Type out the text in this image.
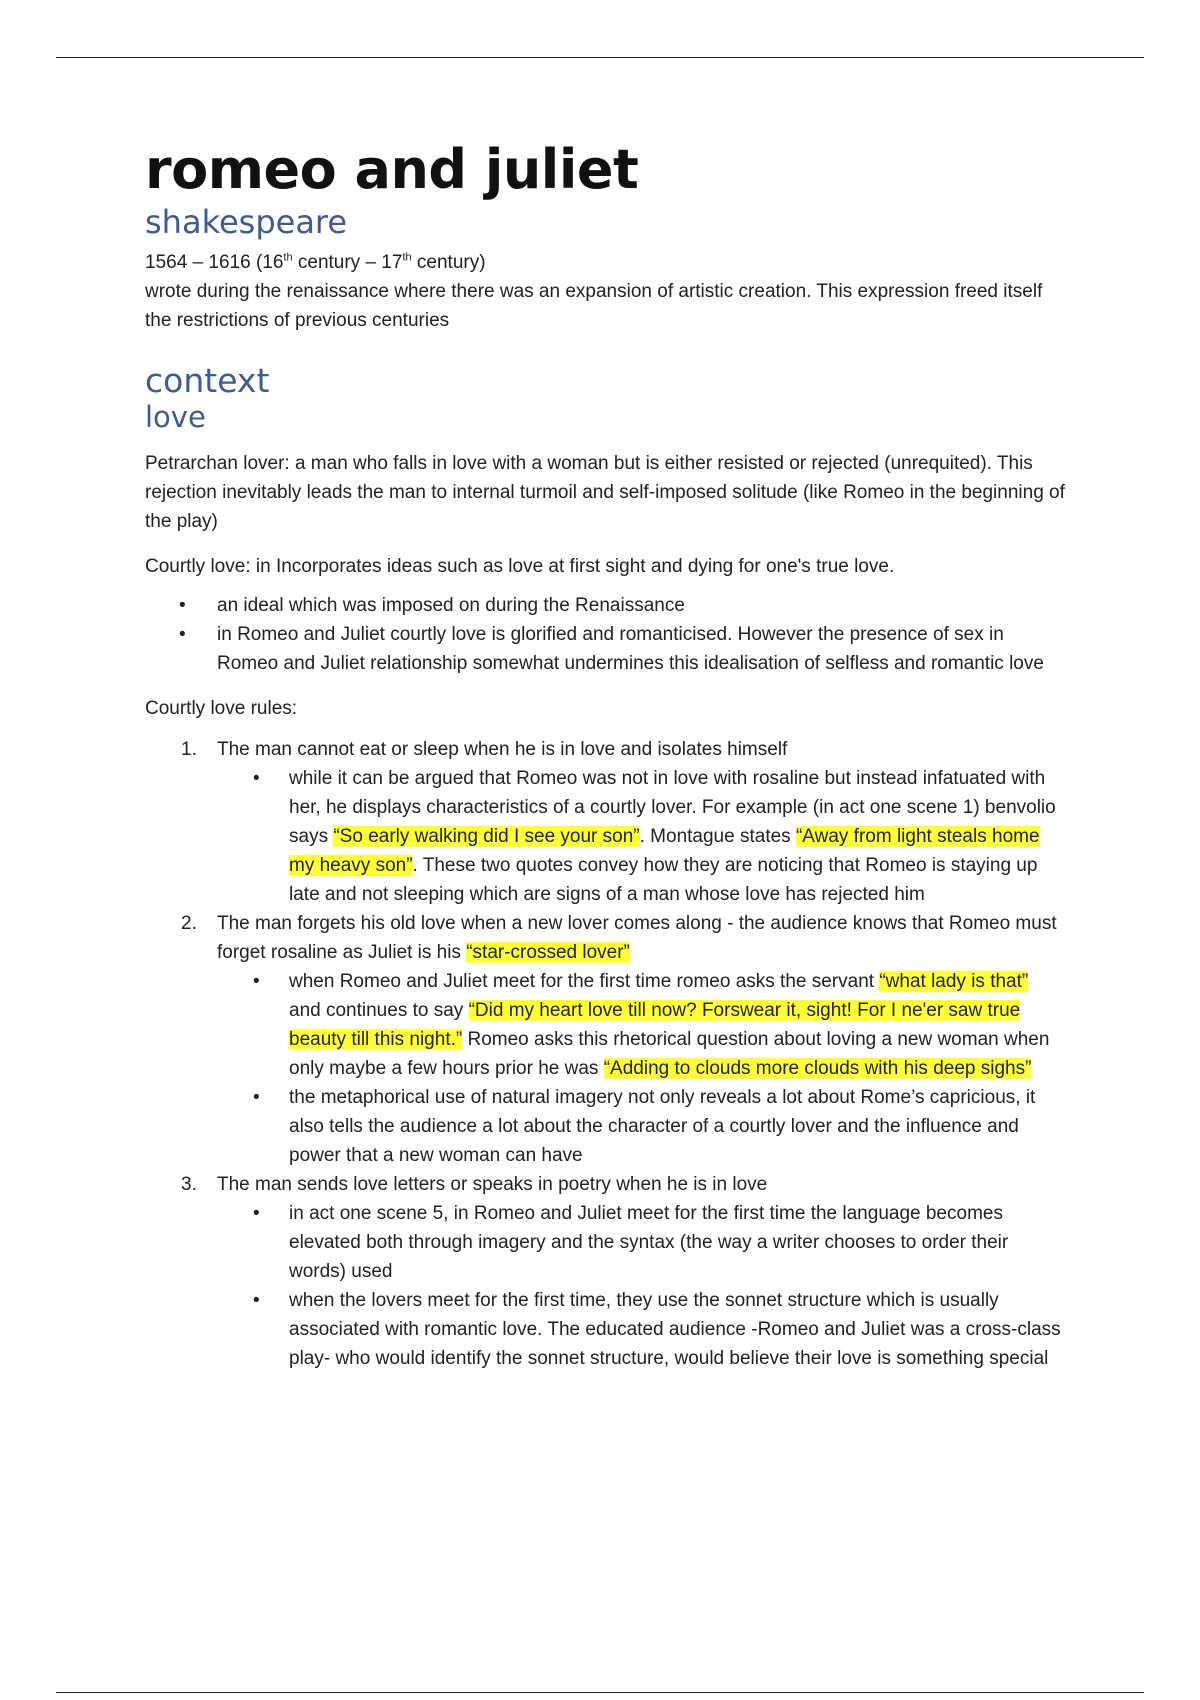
romeo and juliet
shakespeare

1564 – 1616 (16th century – 17th century)

wrote during the renaissance where there was an expansion of artistic creation. This expression freed itself the restrictions of previous centuries

context
love

Petrarchan lover: a man who falls in love with a woman but is either resisted or rejected (unrequited). This rejection inevitably leads the man to internal turmoil and self-imposed solitude (like Romeo in the beginning of the play)

Courtly love: in Incorporates ideas such as love at first sight and dying for one's true love.

• an ideal which was imposed on during the Renaissance
• in Romeo and Juliet courtly love is glorified and romanticised. However the presence of sex in Romeo and Juliet relationship somewhat undermines this idealisation of selfless and romantic love

Courtly love rules:

1. The man cannot eat or sleep when he is in love and isolates himself
• while it can be argued that Romeo was not in love with rosaline but instead infatuated with her, he displays characteristics of a courtly lover. For example (in act one scene 1) benvolio says “So early walking did I see your son”. Montague states “Away from light steals home my heavy son”. These two quotes convey how they are noticing that Romeo is staying up late and not sleeping which are signs of a man whose love has rejected him
2. The man forgets his old love when a new lover comes along - the audience knows that Romeo must forget rosaline as Juliet is his “star-crossed lover”
• when Romeo and Juliet meet for the first time romeo asks the servant “what lady is that” and continues to say “Did my heart love till now? Forswear it, sight! For I ne'er saw true beauty till this night.” Romeo asks this rhetorical question about loving a new woman when only maybe a few hours prior he was “Adding to clouds more clouds with his deep sighs”
• the metaphorical use of natural imagery not only reveals a lot about Rome’s capricious, it also tells the audience a lot about the character of a courtly lover and the influence and power that a new woman can have
3. The man sends love letters or speaks in poetry when he is in love
• in act one scene 5, in Romeo and Juliet meet for the first time the language becomes elevated both through imagery and the syntax (the way a writer chooses to order their words) used
• when the lovers meet for the first time, they use the sonnet structure which is usually associated with romantic love. The educated audience -Romeo and Juliet was a cross-class play- who would identify the sonnet structure, would believe their love is something special
